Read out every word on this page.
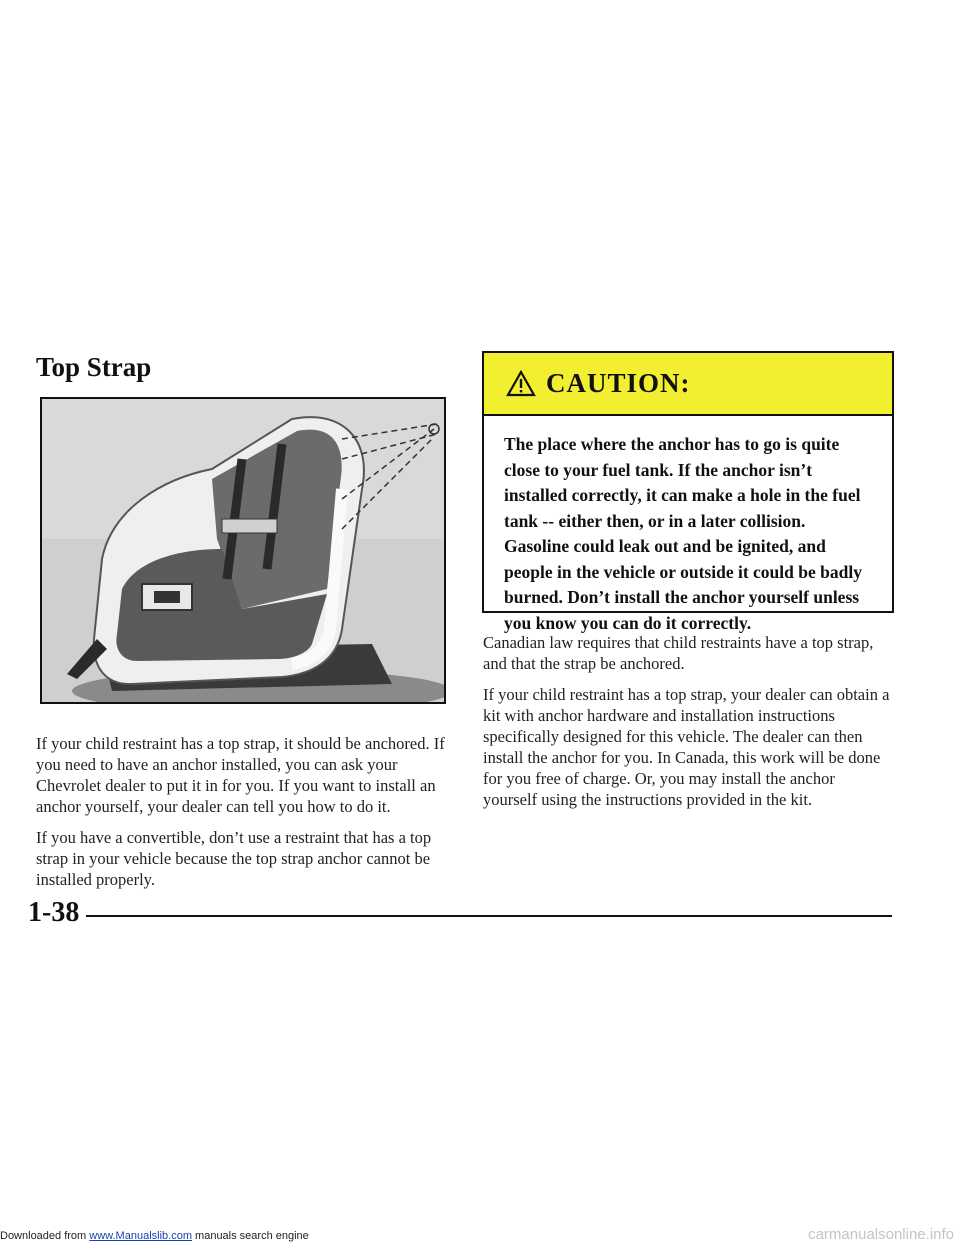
Top Strap
CAUTION:
The place where the anchor has to go is quite close to your fuel tank. If the anchor isn’t installed correctly, it can make a hole in the fuel tank -- either then, or in a later collision. Gasoline could leak out and be ignited, and people in the vehicle or outside it could be badly burned. Don’t install the anchor yourself unless you know you can do it correctly.

If your child restraint has a top strap, it should be anchored. If you need to have an anchor installed, you can ask your Chevrolet dealer to put it in for you. If you want to install an anchor yourself, your dealer can tell you how to do it.

If you have a convertible, don’t use a restraint that has a top strap in your vehicle because the top strap anchor cannot be installed properly.

Canadian law requires that child restraints have a top strap, and that the strap be anchored.

If your child restraint has a top strap, your dealer can obtain a kit with anchor hardware and installation instructions specifically designed for this vehicle. The dealer can then install the anchor for you. In Canada, this work will be done for you free of charge. Or, you may install the anchor yourself using the instructions provided in the kit.

1-38
Downloaded from www.Manualslib.com manuals search engine	carmanualsonline.info
